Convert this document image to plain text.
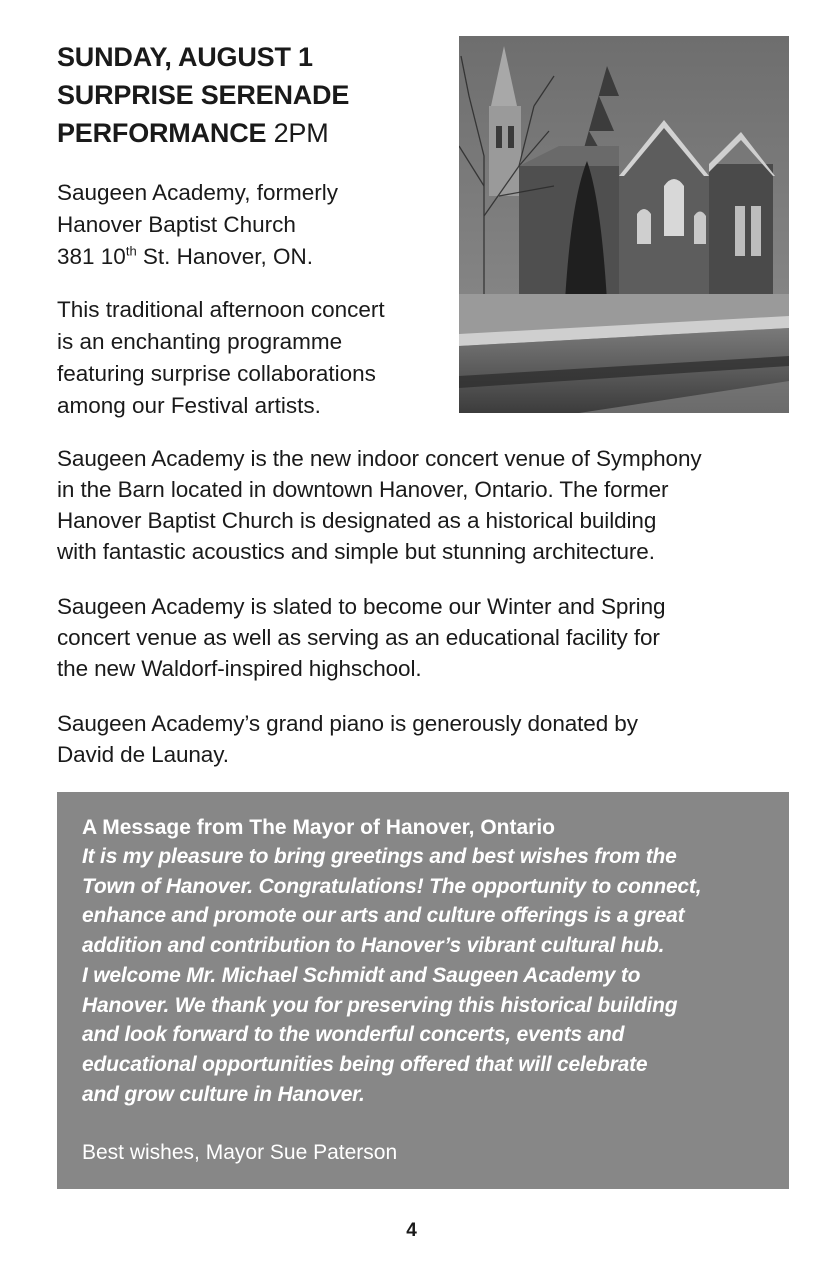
SUNDAY, AUGUST 1
SURPRISE SERENADE
PERFORMANCE 2PM
Saugeen Academy, formerly
Hanover Baptist Church
381 10th St. Hanover, ON.
This traditional afternoon concert
is an enchanting programme
featuring surprise collaborations
among our Festival artists.
Saugeen Academy is the new indoor concert venue of Symphony
in the Barn located in downtown Hanover, Ontario. The former
Hanover Baptist Church is designated as a historical building
with fantastic acoustics and simple but stunning architecture.
Saugeen Academy is slated to become our Winter and Spring
concert venue as well as serving as an educational facility for
the new Waldorf-inspired highschool.
Saugeen Academy’s grand piano is generously donated by
David de Launay.
A Message from The Mayor of Hanover, Ontario
It is my pleasure to bring greetings and best wishes from the
Town of Hanover. Congratulations! The opportunity to connect,
enhance and promote our arts and culture offerings is a great
addition and contribution to Hanover’s vibrant cultural hub.
I welcome Mr. Michael Schmidt and Saugeen Academy to
Hanover. We thank you for preserving this historical building
and look forward to the wonderful concerts, events and
educational opportunities being offered that will celebrate
and grow culture in Hanover.
Best wishes, Mayor Sue Paterson
4
